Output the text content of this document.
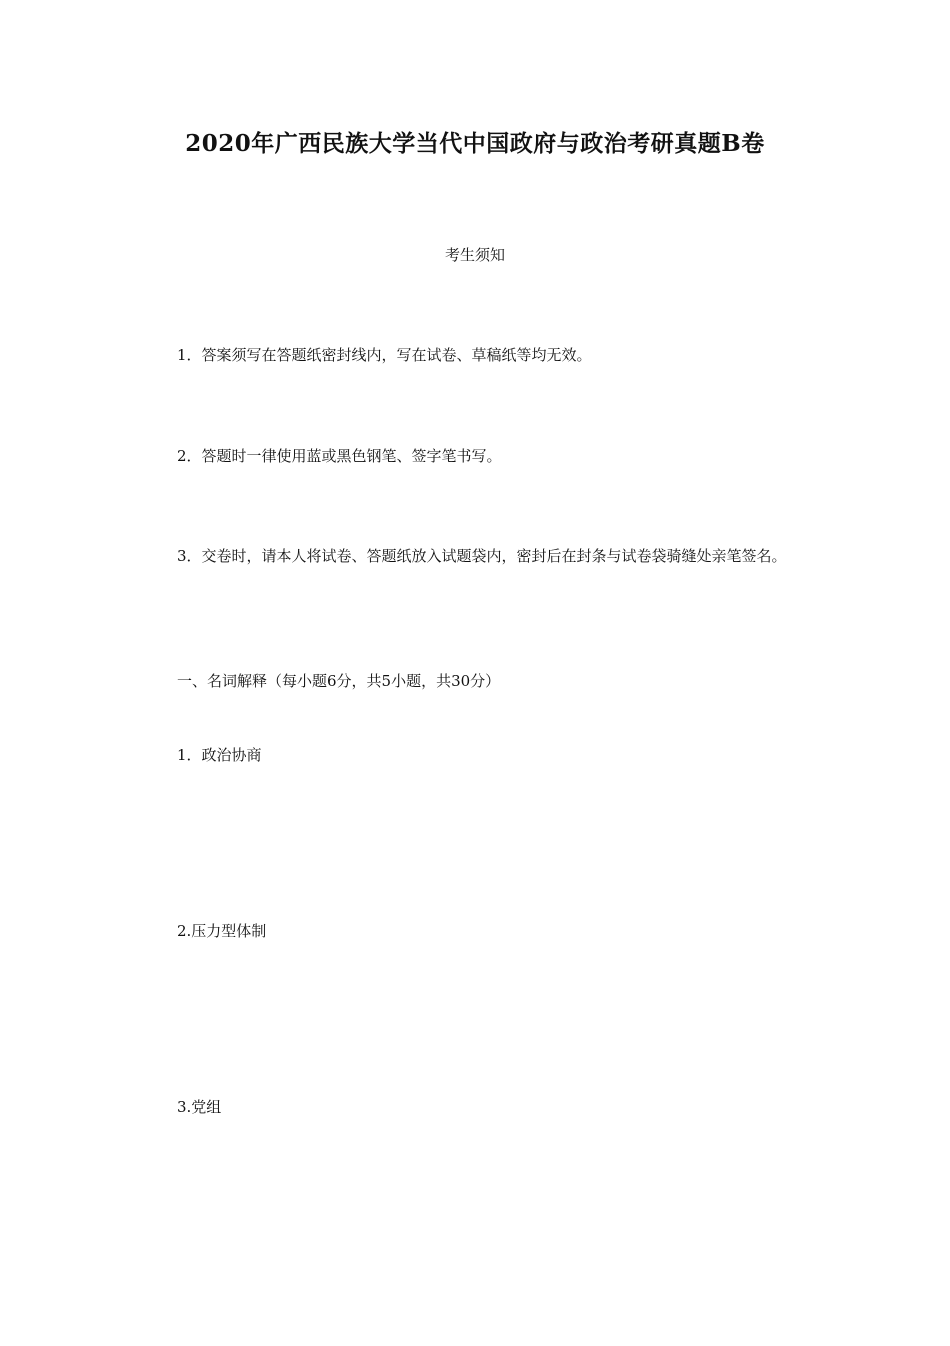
2020年广西民族大学当代中国政府与政治考研真题B卷
考生须知
1．答案须写在答题纸密封线内，写在试卷、草稿纸等均无效。
2．答题时一律使用蓝或黑色钢笔、签字笔书写。
3．交卷时，请本人将试卷、答题纸放入试题袋内，密封后在封条与试卷袋骑缝处亲笔签名。
一、名词解释（每小题6分，共5小题，共30分）
1．政治协商
2.压力型体制
3.党组
